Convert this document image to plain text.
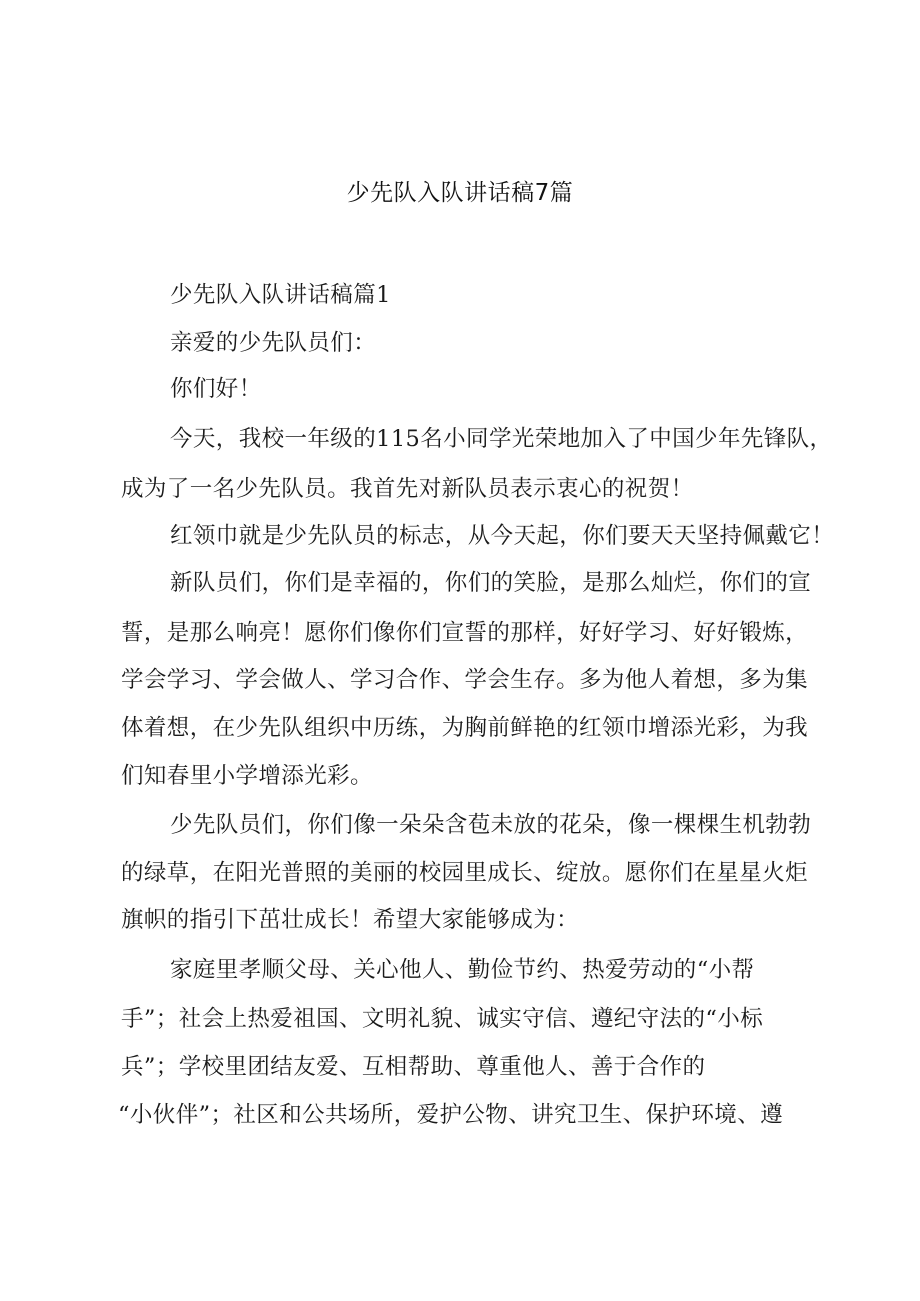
少先队入队讲话稿7篇
少先队入队讲话稿篇1
亲爱的少先队员们：
你们好！
今天，我校一年级的115名小同学光荣地加入了中国少年先锋队，
成为了一名少先队员。我首先对新队员表示衷心的祝贺！
红领巾就是少先队员的标志，从今天起，你们要天天坚持佩戴它！
新队员们，你们是幸福的，你们的笑脸，是那么灿烂，你们的宣
誓，是那么响亮！愿你们像你们宣誓的那样，好好学习、好好锻炼，
学会学习、学会做人、学习合作、学会生存。多为他人着想，多为集
体着想，在少先队组织中历练，为胸前鲜艳的红领巾增添光彩，为我
们知春里小学增添光彩。
少先队员们，你们像一朵朵含苞未放的花朵，像一棵棵生机勃勃
的绿草，在阳光普照的美丽的校园里成长、绽放。愿你们在星星火炬
旗帜的指引下茁壮成长！希望大家能够成为：
家庭里孝顺父母、关心他人、勤俭节约、热爱劳动的“小帮
手”；社会上热爱祖国、文明礼貌、诚实守信、遵纪守法的“小标
兵”；学校里团结友爱、互相帮助、尊重他人、善于合作的
“小伙伴”；社区和公共场所，爱护公物、讲究卫生、保护环境、遵
